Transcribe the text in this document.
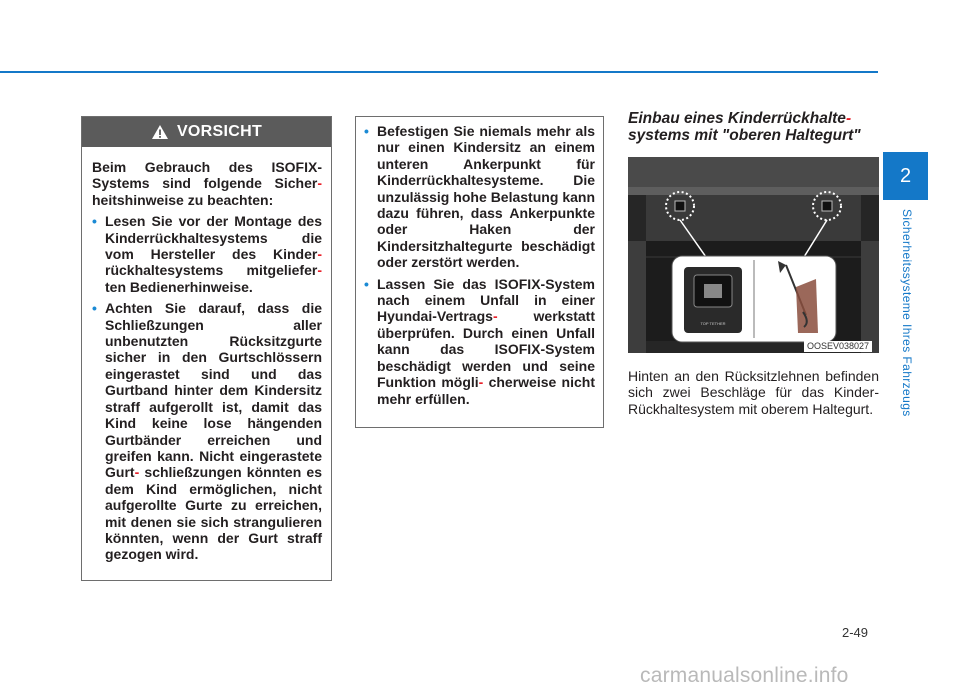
VORSICHT

Beim Gebrauch des ISOFIX-Systems sind folgende Sicher- heitshinweise zu beachten:

• Lesen Sie vor der Montage des Kinderrückhaltesystems die vom Hersteller des Kinder- rückhaltesystems mitgeliefer- ten Bedienerhinweise.
• Achten Sie darauf, dass die Schließzungen aller unbenutzten Rücksitzgurte sicher in den Gurtschlössern eingerastet sind und das Gurtband hinter dem Kindersitz straff aufgerollt ist, damit das Kind keine lose hängenden Gurtbänder erreichen und greifen kann. Nicht eingerastete Gurt- schließzungen könnten es dem Kind ermöglichen, nicht aufgerollte Gurte zu erreichen, mit denen sie sich strangulieren könnten, wenn der Gurt straff gezogen wird.
• Befestigen Sie niemals mehr als nur einen Kindersitz an einem unteren Ankerpunkt für Kinderrückhaltesysteme. Die unzulässig hohe Belastung kann dazu führen, dass Ankerpunkte oder Haken der Kindersitzhaltegurte beschädigt oder zerstört werden.
• Lassen Sie das ISOFIX-System nach einem Unfall in einer Hyundai-Vertrags-	werkstatt überprüfen. Durch einen Unfall kann das ISOFIX-System beschädigt werden und seine Funktion mögli- cherweise nicht mehr erfüllen.
Einbau eines Kinderrückhalte-
systems mit "oberen Haltegurt"
TOP TETHER
OOSEV038027
Hinten an den Rücksitzlehnen befinden sich zwei Beschläge für das Kinder-Rückhaltesystem mit oberem Haltegurt.
2
Sicherheitssysteme Ihres Fahrzeugs
2-49
carmanualsonline.info
